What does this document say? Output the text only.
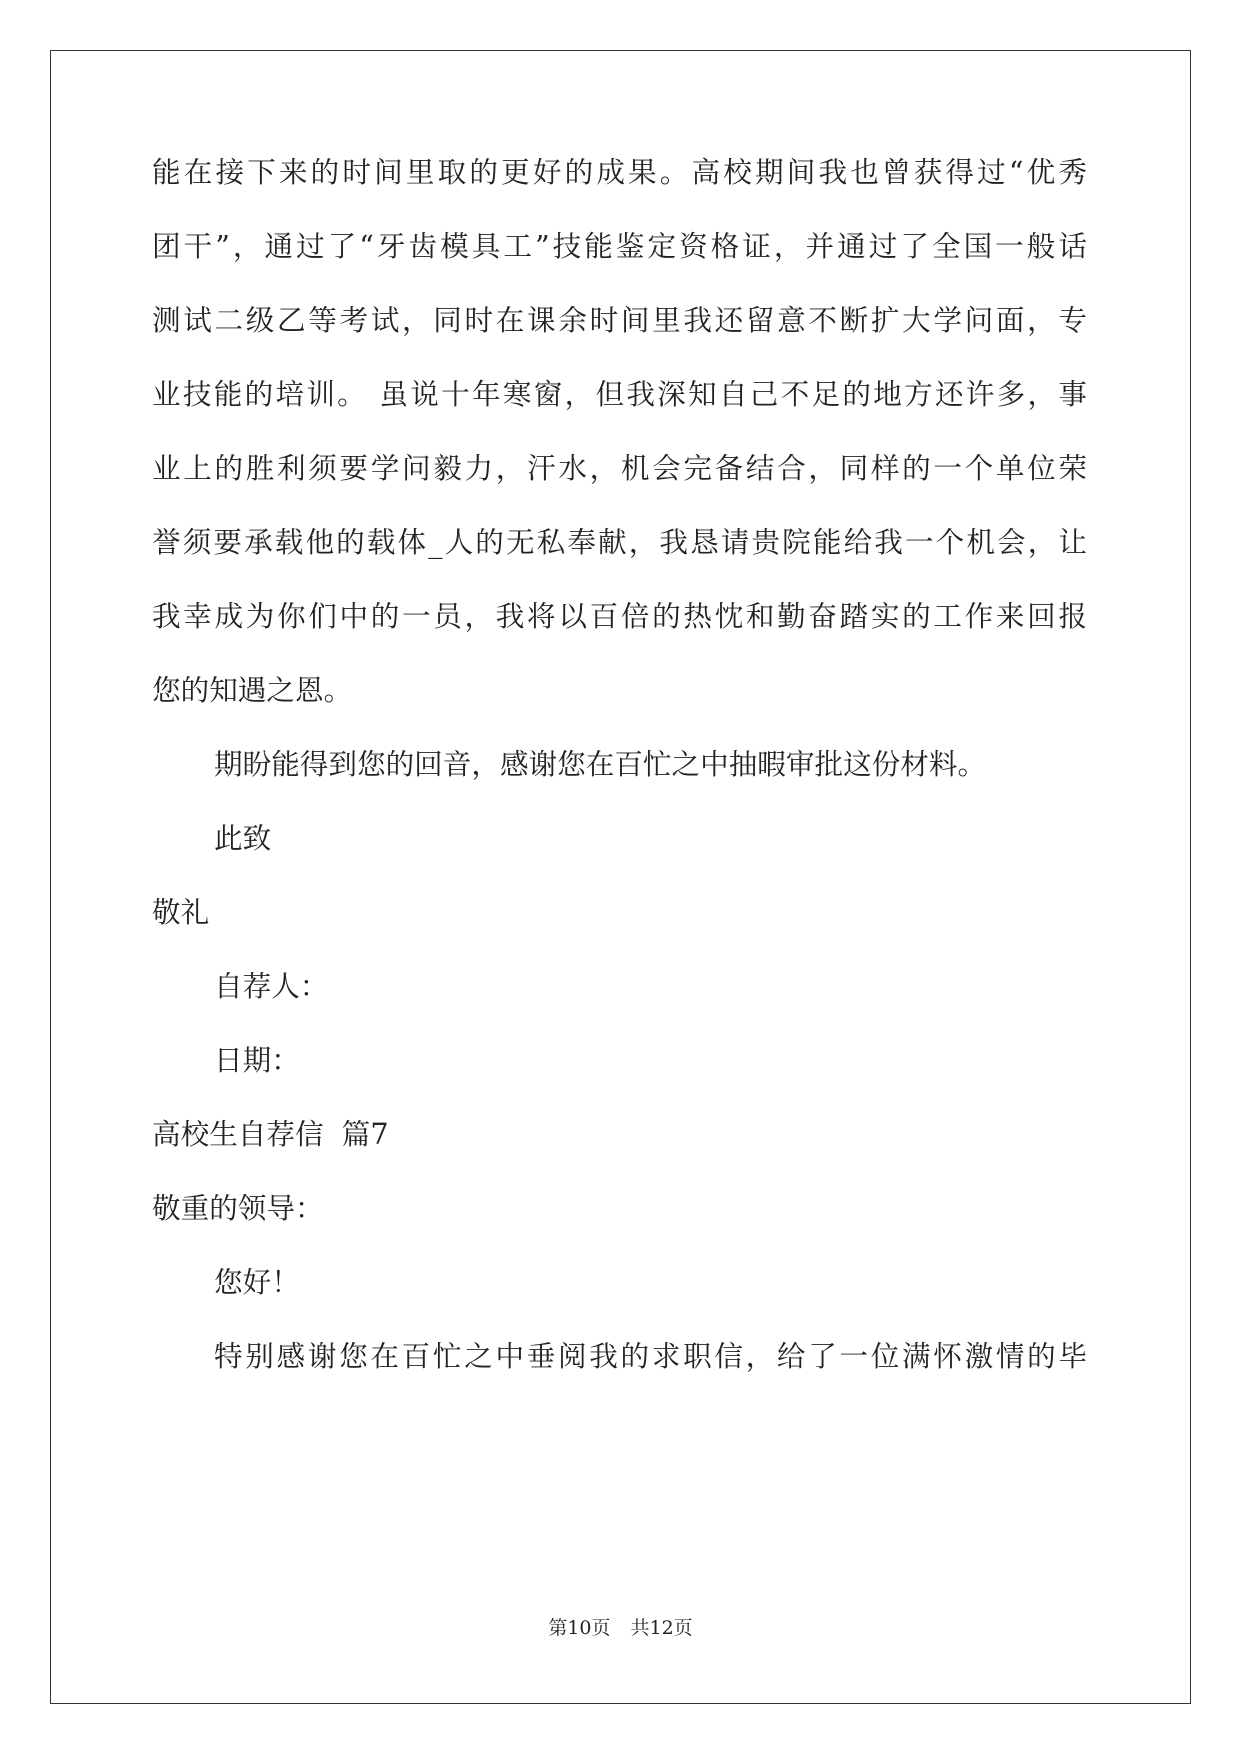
能在接下来的时间里取的更好的成果。高校期间我也曾获得过“优秀
团干”，通过了“牙齿模具工”技能鉴定资格证，并通过了全国一般话
测试二级乙等考试，同时在课余时间里我还留意不断扩大学问面，专
业技能的培训。 虽说十年寒窗，但我深知自己不足的地方还许多，事
业上的胜利须要学问毅力，汗水，机会完备结合，同样的一个单位荣
誉须要承载他的载体_人的无私奉献，我恳请贵院能给我一个机会，让
我幸成为你们中的一员，我将以百倍的热忱和勤奋踏实的工作来回报
您的知遇之恩。
期盼能得到您的回音，感谢您在百忙之中抽暇审批这份材料。
此致
敬礼
自荐人：
日期：
高校生自荐信  篇7
敬重的领导：
您好！
特别感谢您在百忙之中垂阅我的求职信，给了一位满怀激情的毕
第10页 共12页
